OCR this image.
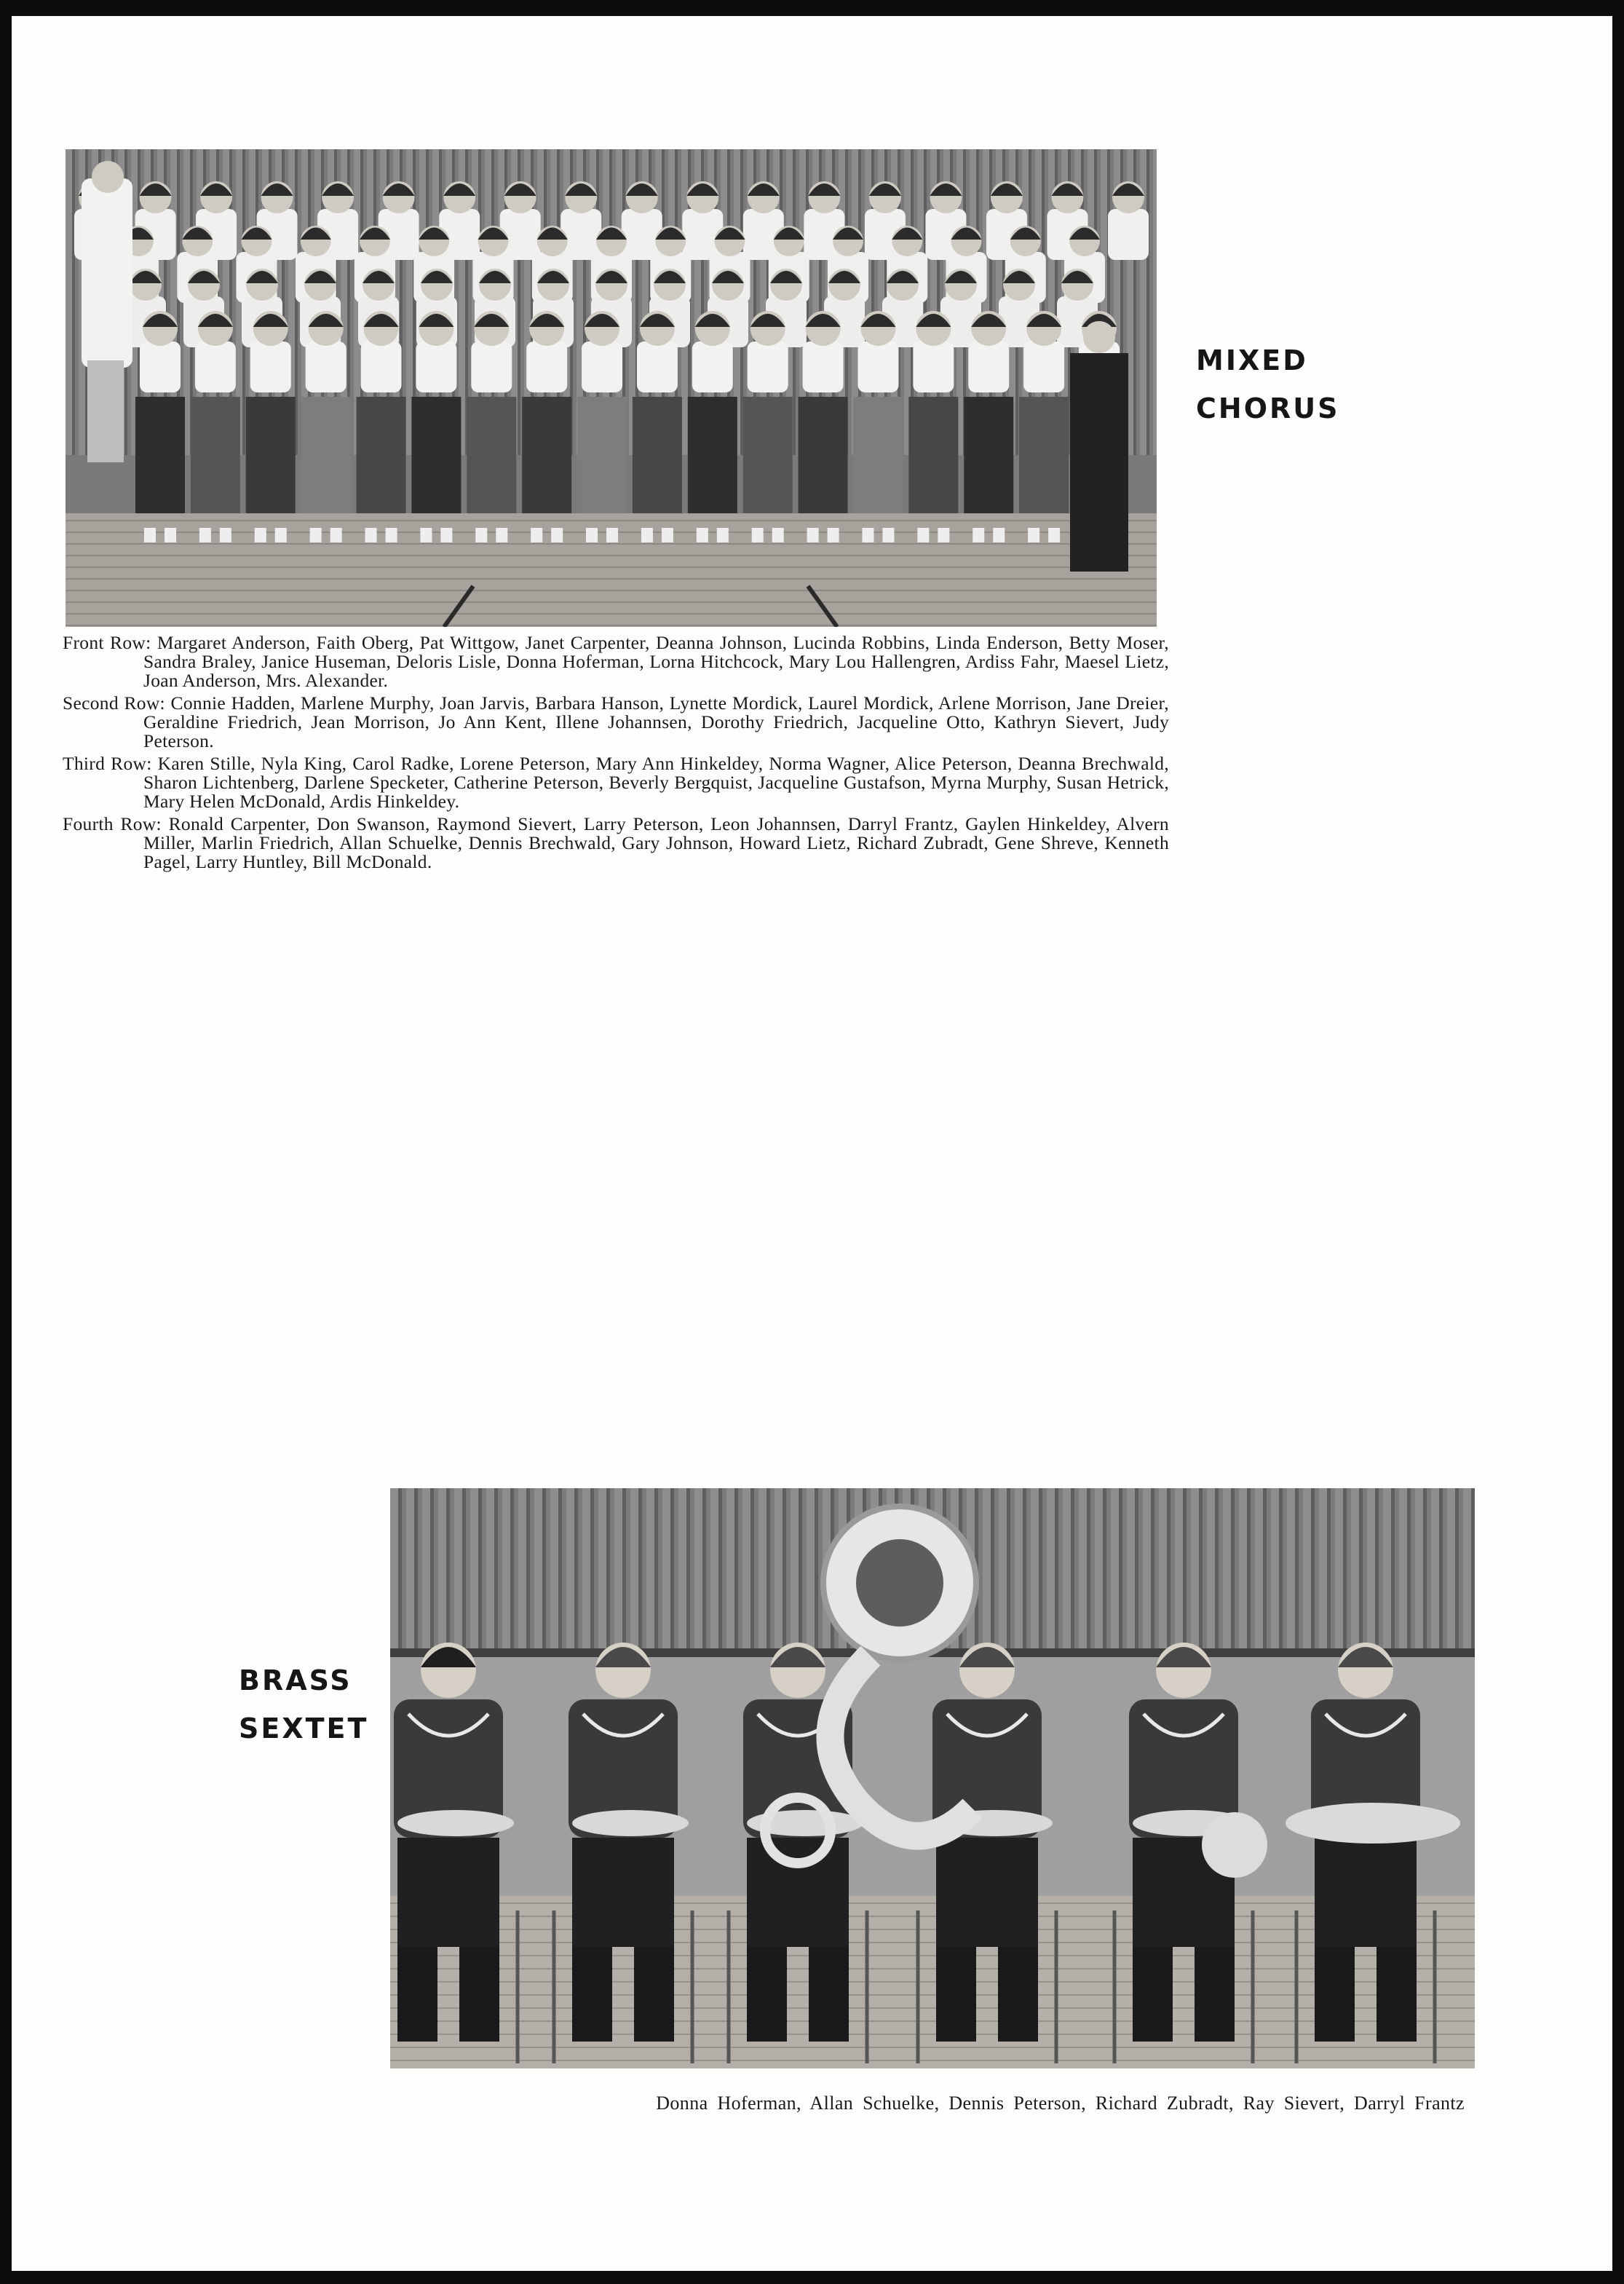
MIXED
CHORUS

Front Row: Margaret Anderson, Faith Oberg, Pat Wittgow, Janet Carpenter, Deanna Johnson, Lucinda Robbins, Linda Enderson, Betty Moser, Sandra Braley, Janice Huseman, Deloris Lisle, Donna Hoferman, Lorna Hitchcock, Mary Lou Hallengren, Ardiss Fahr, Maesel Lietz, Joan Anderson, Mrs. Alexander.

Second Row: Connie Hadden, Marlene Murphy, Joan Jarvis, Barbara Hanson, Lynette Mordick, Laurel Mordick, Arlene Morrison, Jane Dreier, Geraldine Friedrich, Jean Morrison, Jo Ann Kent, Illene Johannsen, Dorothy Friedrich, Jacqueline Otto, Kathryn Sievert, Judy Peterson.

Third Row: Karen Stille, Nyla King, Carol Radke, Lorene Peterson, Mary Ann Hinkeldey, Norma Wagner, Alice Peterson, Deanna Brechwald, Sharon Lichtenberg, Darlene Specketer, Catherine Peterson, Beverly Bergquist, Jacqueline Gustafson, Myrna Murphy, Susan Hetrick, Mary Helen McDonald, Ardis Hinkeldey.

Fourth Row: Ronald Carpenter, Don Swanson, Raymond Sievert, Larry Peterson, Leon Johannsen, Darryl Frantz, Gaylen Hinkeldey, Alvern Miller, Marlin Friedrich, Allan Schuelke, Dennis Brechwald, Gary Johnson, Howard Lietz, Richard Zubradt, Gene Shreve, Kenneth Pagel, Larry Huntley, Bill McDonald.

BRASS
SEXTET
Donna Hoferman, Allan Schuelke, Dennis Peterson, Richard Zubradt, Ray Sievert, Darryl Frantz
